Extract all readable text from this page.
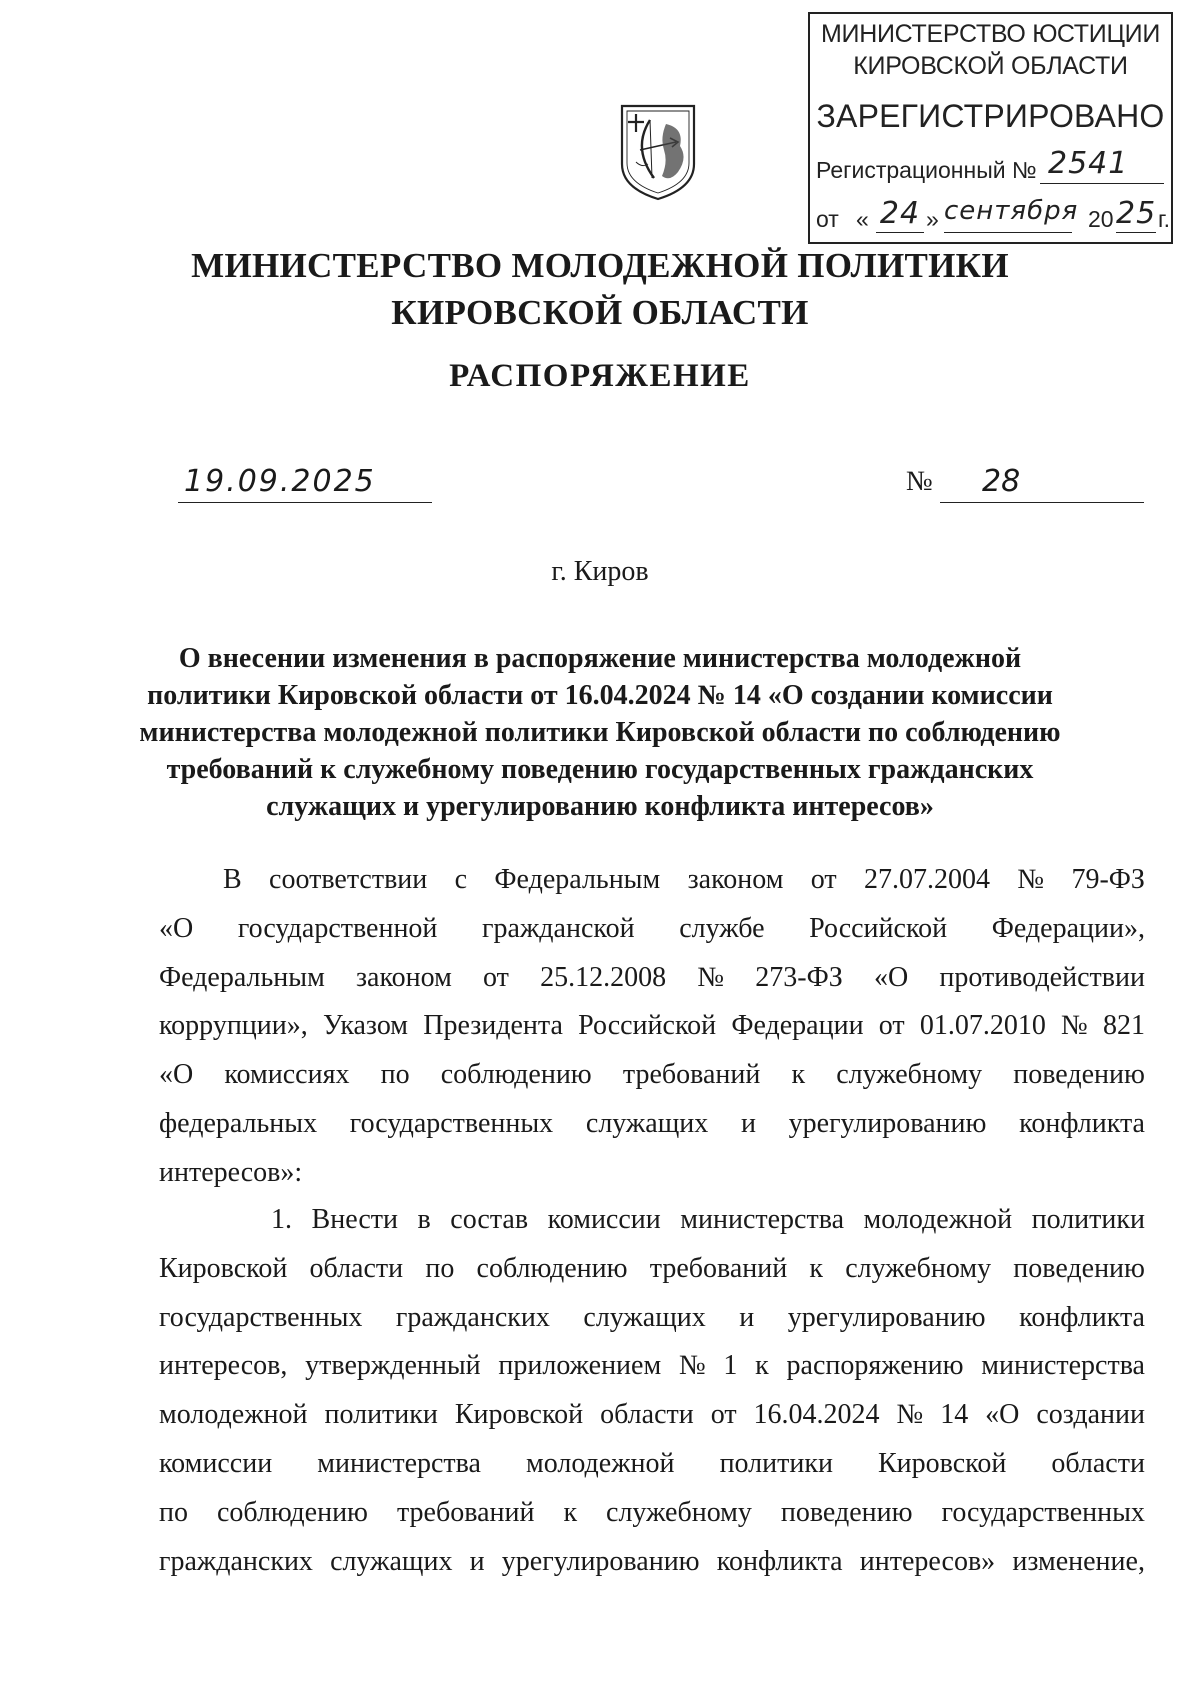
МИНИСТЕРСТВО ЮСТИЦИИ
КИРОВСКОЙ ОБЛАСТИ
ЗАРЕГИСТРИРОВАНО
Регистрационный № 2541
от « 24 » сентября 20 25 г.
МИНИСТЕРСТВО МОЛОДЕЖНОЙ ПОЛИТИКИ
КИРОВСКОЙ ОБЛАСТИ
РАСПОРЯЖЕНИЕ
19.09.2025	№ 28
г. Киров
О внесении изменения в распоряжение министерства молодежной
политики Кировской области от 16.04.2024 № 14 «О создании комиссии
министерства молодежной политики Кировской области по соблюдению
требований к служебному поведению государственных гражданских
служащих и урегулированию конфликта интересов»
В соответствии с Федеральным законом от 27.07.2004 № 79-ФЗ
«О государственной гражданской службе Российской Федерации»,
Федеральным законом от 25.12.2008 № 273-ФЗ «О противодействии
коррупции», Указом Президента Российской Федерации от 01.07.2010 № 821
«О комиссиях по соблюдению требований к служебному поведению
федеральных государственных служащих и урегулированию конфликта
интересов»:
1. Внести в состав комиссии министерства молодежной политики
Кировской области по соблюдению требований к служебному поведению
государственных гражданских служащих и урегулированию конфликта
интересов, утвержденный приложением № 1 к распоряжению министерства
молодежной политики Кировской области от 16.04.2024 № 14 «О создании
комиссии министерства молодежной политики Кировской области
по соблюдению требований к служебному поведению государственных
гражданских служащих и урегулированию конфликта интересов» изменение,
